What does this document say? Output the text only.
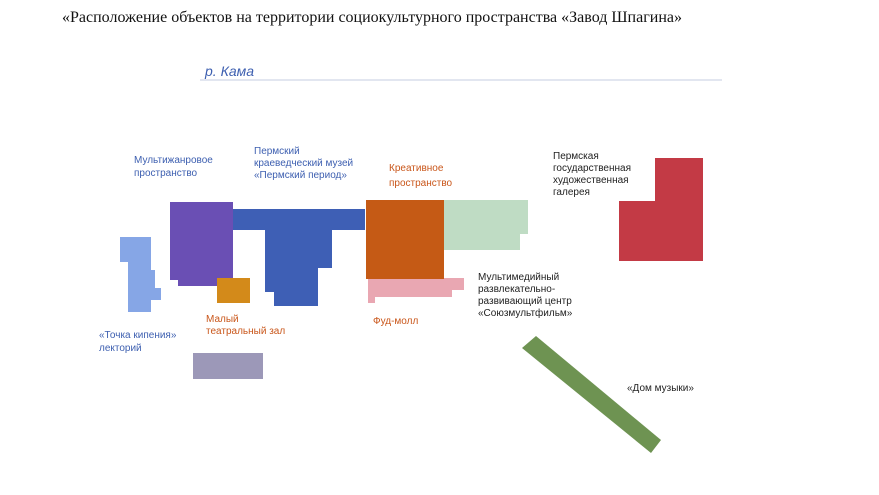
«Расположение объектов на территории социокультурного пространства «Завод Шпагина»
р. Кама
Мультижанровое пространство
Пермский краеведческий музей «Пермский период»
Креативное пространство
Пермская государственная художественная галерея
Мультимедийный развлекательно-развивающий центр «Союзмультфильм»
«Точка кипения» лекторий
Малый театральный зал
Фуд-молл
«Дом музыки»
